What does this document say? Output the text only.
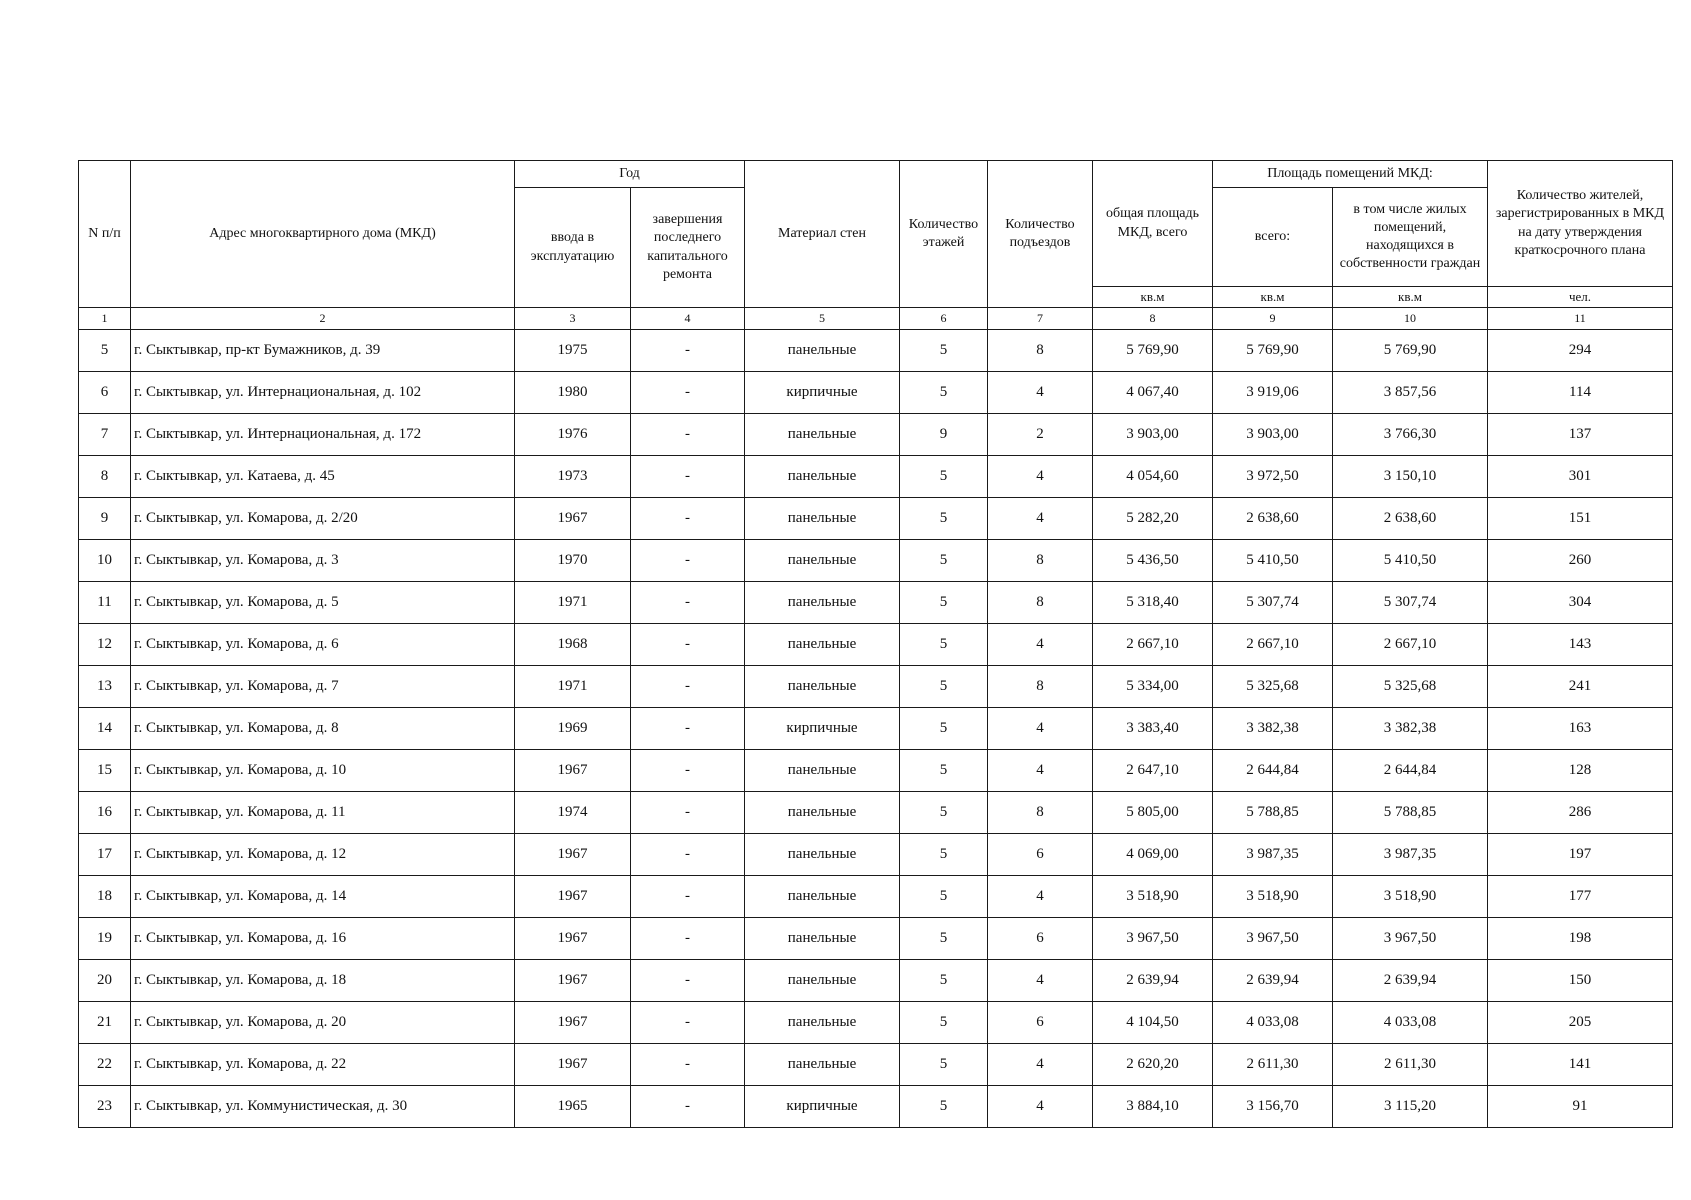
N п/п	Адрес многоквартирного дома (МКД)	Год		Материал стен	Количество этажей	Количество подъездов	общая площадь МКД, всего	Площадь помещений МКД:		Количество жителей, зарегистрированных в МКД на дату утверждения краткосрочного плана
		ввода в эксплуатацию	завершения последнего капитального ремонта					всего:	в том числе жилых помещений, находящихся в собственности граждан	
							кв.м	кв.м	кв.м	чел.
1	2	3	4	5	6	7	8	9	10	11
5	г. Сыктывкар, пр-кт Бумажников, д. 39	1975	-	панельные	5	8	5 769,90	5 769,90	5 769,90	294
6	г. Сыктывкар, ул. Интернациональная, д. 102	1980	-	кирпичные	5	4	4 067,40	3 919,06	3 857,56	114
7	г. Сыктывкар, ул. Интернациональная, д. 172	1976	-	панельные	9	2	3 903,00	3 903,00	3 766,30	137
8	г. Сыктывкар, ул. Катаева, д. 45	1973	-	панельные	5	4	4 054,60	3 972,50	3 150,10	301
9	г. Сыктывкар, ул. Комарова, д. 2/20	1967	-	панельные	5	4	5 282,20	2 638,60	2 638,60	151
10	г. Сыктывкар, ул. Комарова, д. 3	1970	-	панельные	5	8	5 436,50	5 410,50	5 410,50	260
11	г. Сыктывкар, ул. Комарова, д. 5	1971	-	панельные	5	8	5 318,40	5 307,74	5 307,74	304
12	г. Сыктывкар, ул. Комарова, д. 6	1968	-	панельные	5	4	2 667,10	2 667,10	2 667,10	143
13	г. Сыктывкар, ул. Комарова, д. 7	1971	-	панельные	5	8	5 334,00	5 325,68	5 325,68	241
14	г. Сыктывкар, ул. Комарова, д. 8	1969	-	кирпичные	5	4	3 383,40	3 382,38	3 382,38	163
15	г. Сыктывкар, ул. Комарова, д. 10	1967	-	панельные	5	4	2 647,10	2 644,84	2 644,84	128
16	г. Сыктывкар, ул. Комарова, д. 11	1974	-	панельные	5	8	5 805,00	5 788,85	5 788,85	286
17	г. Сыктывкар, ул. Комарова, д. 12	1967	-	панельные	5	6	4 069,00	3 987,35	3 987,35	197
18	г. Сыктывкар, ул. Комарова, д. 14	1967	-	панельные	5	4	3 518,90	3 518,90	3 518,90	177
19	г. Сыктывкар, ул. Комарова, д. 16	1967	-	панельные	5	6	3 967,50	3 967,50	3 967,50	198
20	г. Сыктывкар, ул. Комарова, д. 18	1967	-	панельные	5	4	2 639,94	2 639,94	2 639,94	150
21	г. Сыктывкар, ул. Комарова, д. 20	1967	-	панельные	5	6	4 104,50	4 033,08	4 033,08	205
22	г. Сыктывкар, ул. Комарова, д. 22	1967	-	панельные	5	4	2 620,20	2 611,30	2 611,30	141
23	г. Сыктывкар, ул. Коммунистическая, д. 30	1965	-	кирпичные	5	4	3 884,10	3 156,70	3 115,20	91
